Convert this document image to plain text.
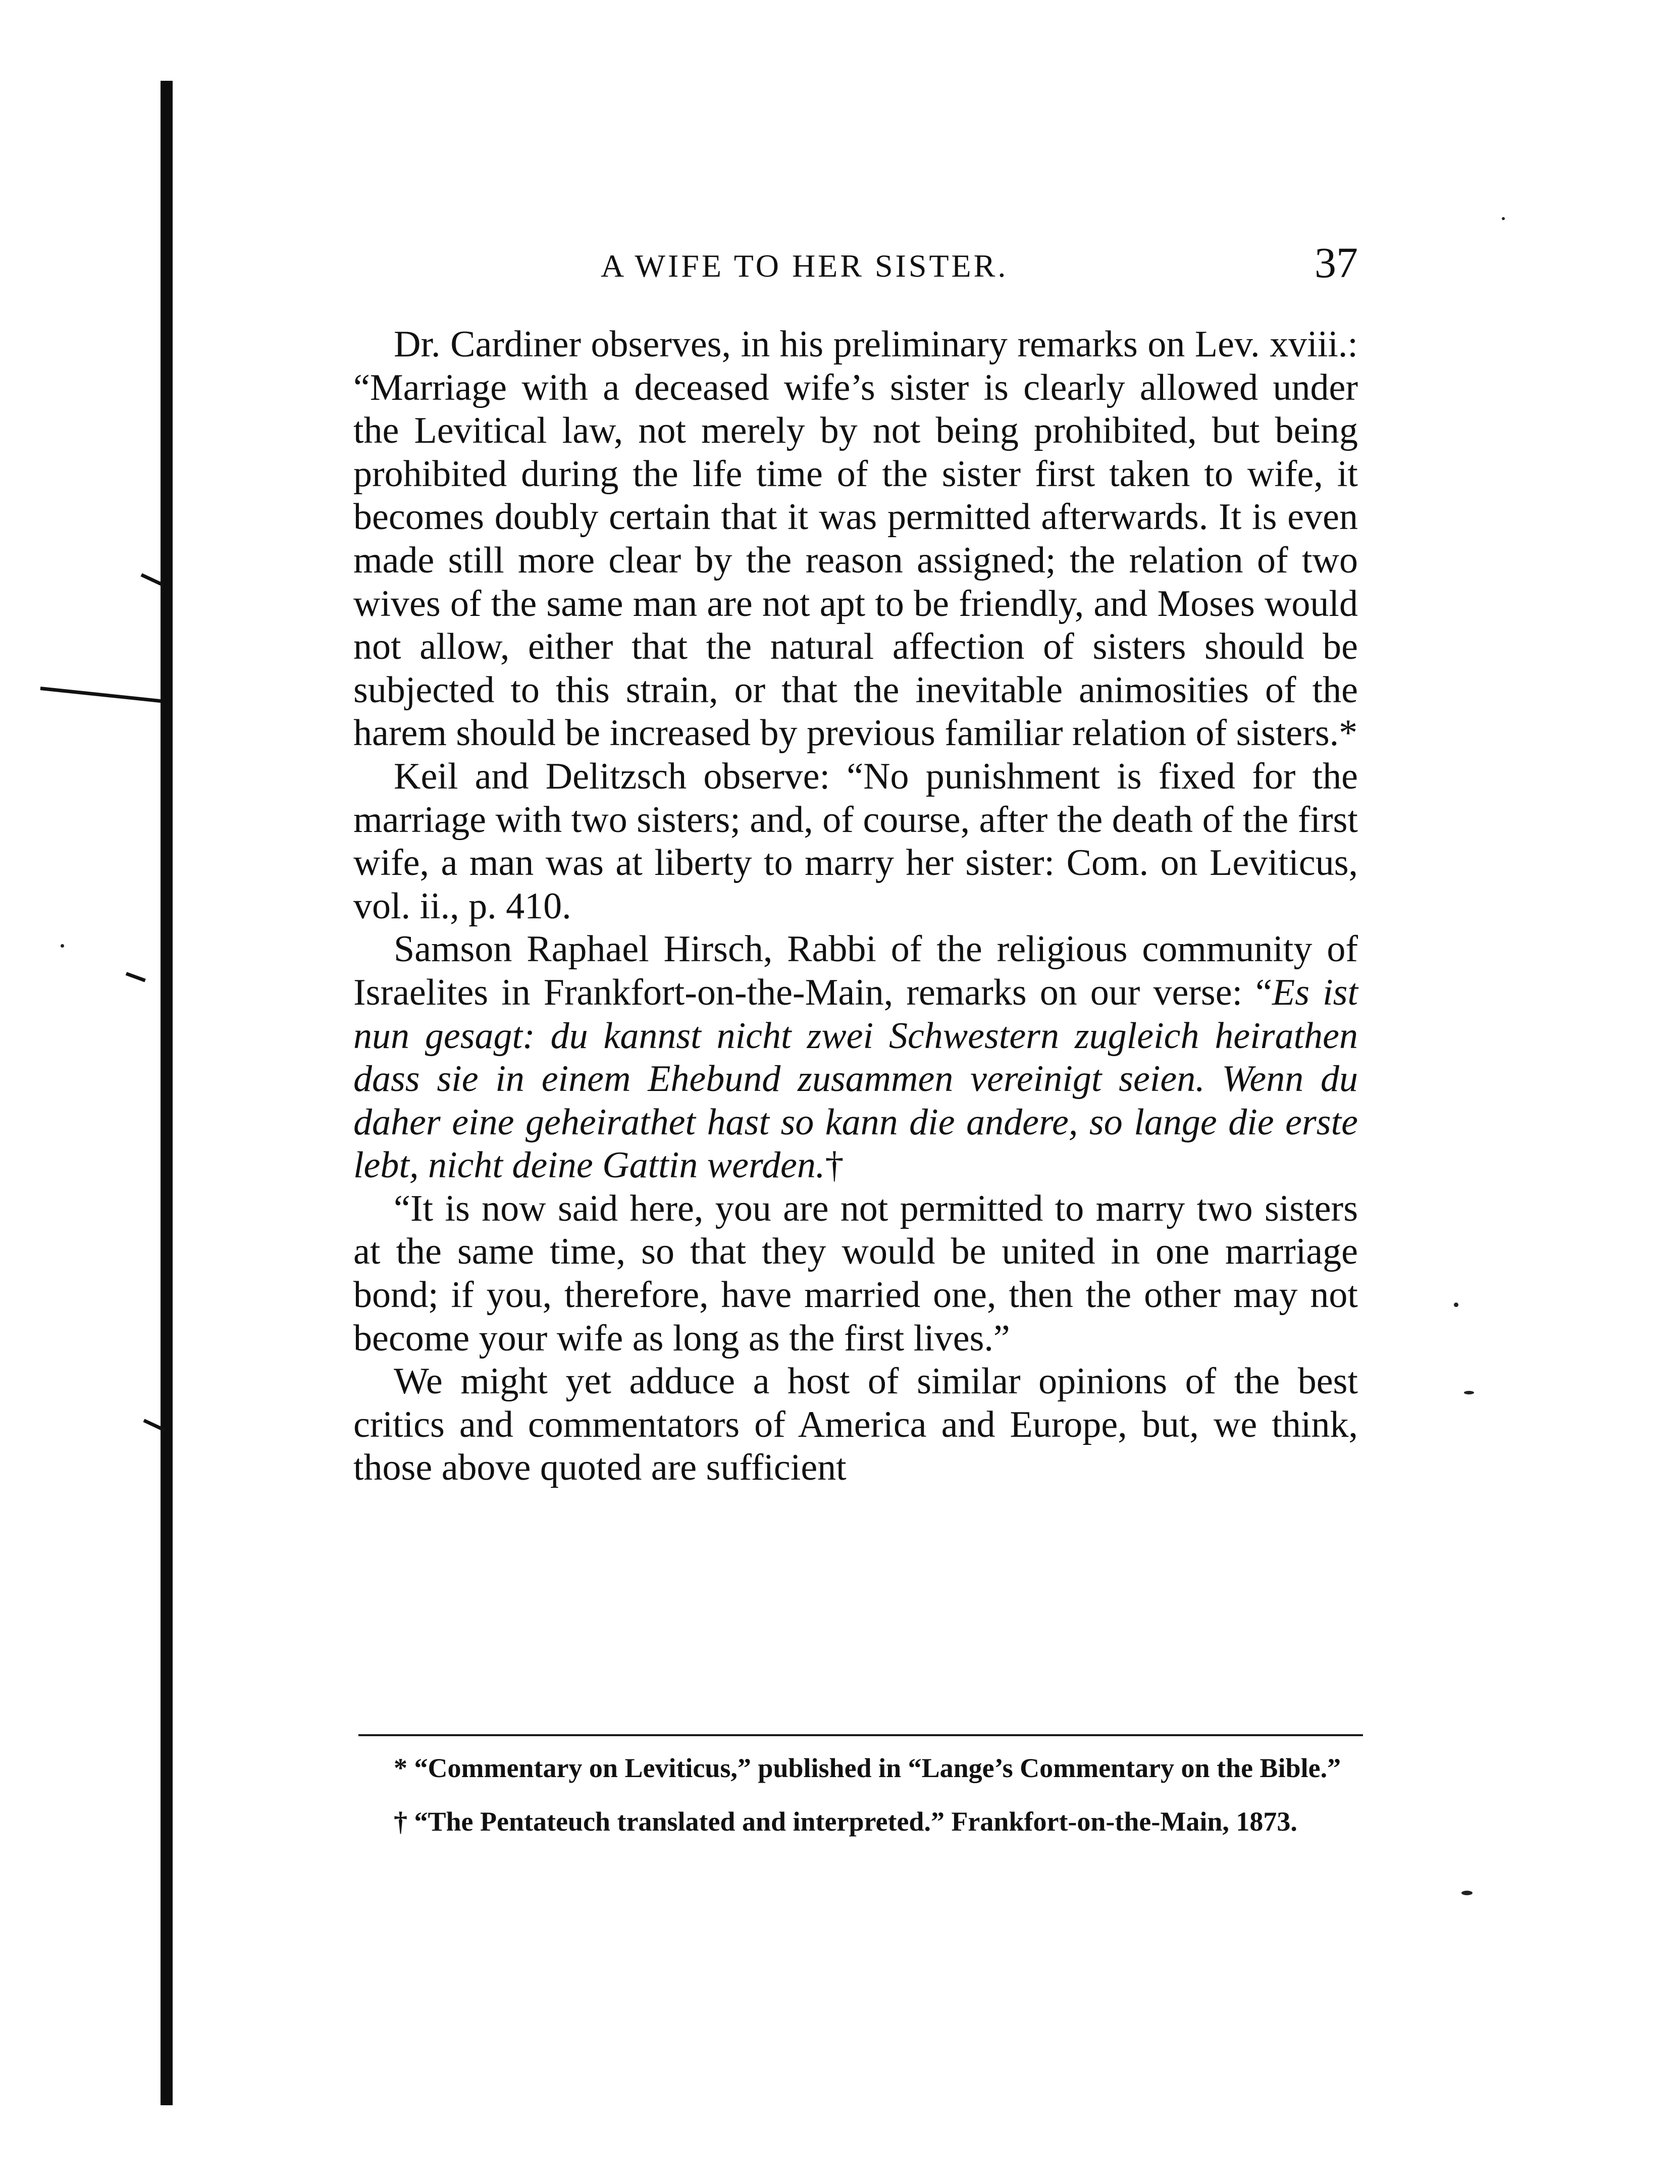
A WIFE TO HER SISTER.	37

Dr. Cardiner observes, in his preliminary remarks on Lev. xviii.: “Marriage with a deceased wife’s sister is clearly allowed under the Levitical law, not merely by not being prohibited, but being prohibited during the life time of the sister first taken to wife, it becomes doubly certain that it was permitted afterwards. It is even made still more clear by the reason assigned; the relation of two wives of the same man are not apt to be friendly, and Moses would not allow, either that the natural affection of sisters should be subjected to this strain, or that the inevitable animosities of the harem should be increased by previous familiar relation of sisters.*

Keil and Delitzsch observe: “No punishment is fixed for the marriage with two sisters; and, of course, after the death of the first wife, a man was at liberty to marry her sister: Com. on Leviticus, vol. ii., p. 410.

Samson Raphael Hirsch, Rabbi of the religious community of Israelites in Frankfort-on-the-Main, remarks on our verse: “Es ist nun gesagt: du kannst nicht zwei Schwestern zugleich heirathen dass sie in einem Ehebund zusammen vereinigt seien. Wenn du daher eine geheirathet hast so kann die andere, so lange die erste lebt, nicht deine Gattin werden.†

“It is now said here, you are not permitted to marry two sisters at the same time, so that they would be united in one marriage bond; if you, therefore, have married one, then the other may not become your wife as long as the first lives.”

We might yet adduce a host of similar opinions of the best critics and commentators of America and Europe, but, we think, those above quoted are sufficient

* “Commentary on Leviticus,” published in “Lange’s Commentary on the Bible.”

† “The Pentateuch translated and interpreted.” Frankfort-on-the-Main, 1873.
